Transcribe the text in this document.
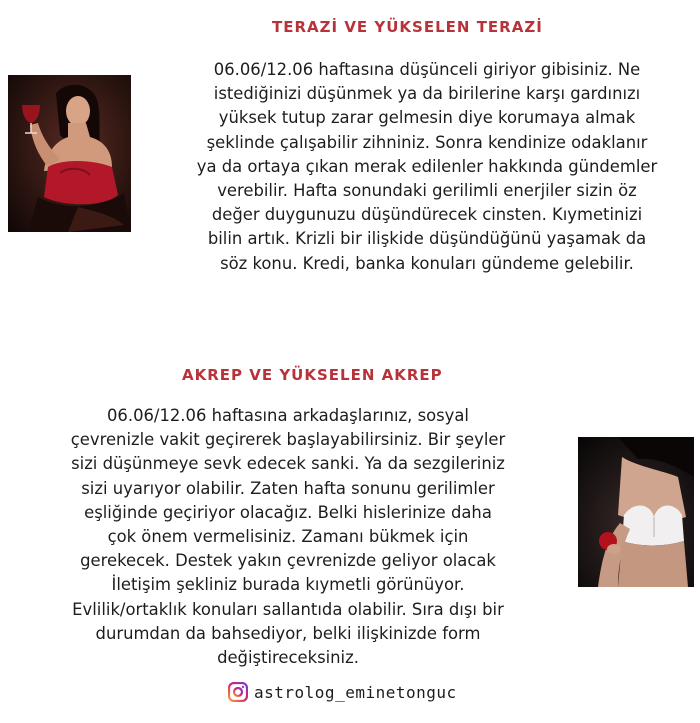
TERAZİ VE YÜKSELEN TERAZİ
06.06/12.06 haftasına düşünceli giriyor gibisiniz. Ne
istediğinizi düşünmek ya da birilerine karşı gardınızı
yüksek tutup zarar gelmesin diye korumaya almak
şeklinde çalışabilir zihniniz. Sonra kendinize odaklanır
ya da ortaya çıkan merak edilenler hakkında gündemler
verebilir. Hafta sonundaki gerilimli enerjiler sizin öz
değer duygunuzu düşündürecek cinsten. Kıymetinizi
bilin artık. Krizli bir ilişkide düşündüğünü yaşamak da
söz konu. Kredi, banka konuları gündeme gelebilir.
AKREP VE YÜKSELEN AKREP
06.06/12.06 haftasına arkadaşlarınız, sosyal
çevrenizle vakit geçirerek başlayabilirsiniz. Bir şeyler
sizi düşünmeye sevk edecek sanki. Ya da sezgileriniz
sizi uyarıyor olabilir. Zaten hafta sonunu gerilimler
eşliğinde geçiriyor olacağız. Belki hislerinize daha
çok önem vermelisiniz. Zamanı bükmek için
gerekecek. Destek yakın çevrenizde geliyor olacak
İletişim şekliniz burada kıymetli görünüyor.
Evlilik/ortaklık konuları sallantıda olabilir. Sıra dışı bir
durumdan da bahsediyor, belki ilişkinizde form
değiştireceksiniz.
astrolog_eminetonguc
